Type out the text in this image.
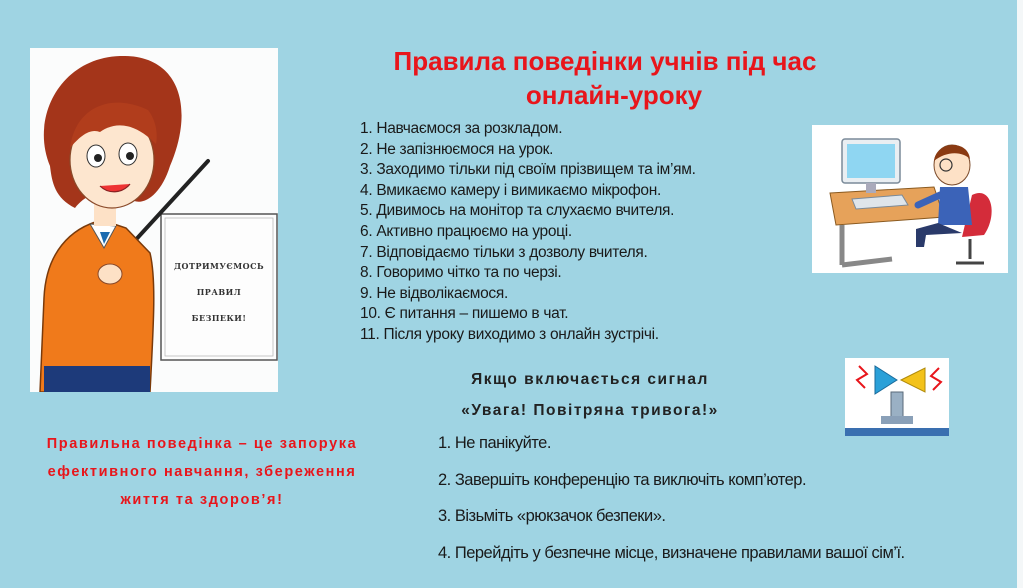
Правила поведінки учнів під час
онлайн-уроку
ДОТРИМУЄМОСЬ
ПРАВИЛ
БЕЗПЕКИ!
1. Навчаємося за розкладом.
2. Не запізнюємося на урок.
3. Заходимо тільки під своїм прізвищем та ім’ям.
4. Вмикаємо камеру і вимикаємо мікрофон.
5. Дивимось на монітор та слухаємо вчителя.
6. Активно працюємо на уроці.
7. Відповідаємо тільки з дозволу вчителя.
8. Говоримо чітко та по черзі.
9. Не відволікаємося.
10. Є питання – пишемо в чат.
11. Після уроку виходимо з онлайн зустрічі.
Якщо включається сигнал
«Увага! Повітряна тривога!»
1. Не панікуйте.
2. Завершіть конференцію та виключіть комп’ютер.
3. Візьміть «рюкзачок безпеки».
4. Перейдіть у безпечне місце, визначене правилами вашої сім’ї.
Правильна поведінка – це запорука
ефективного навчання, збереження
життя та здоров’я!
